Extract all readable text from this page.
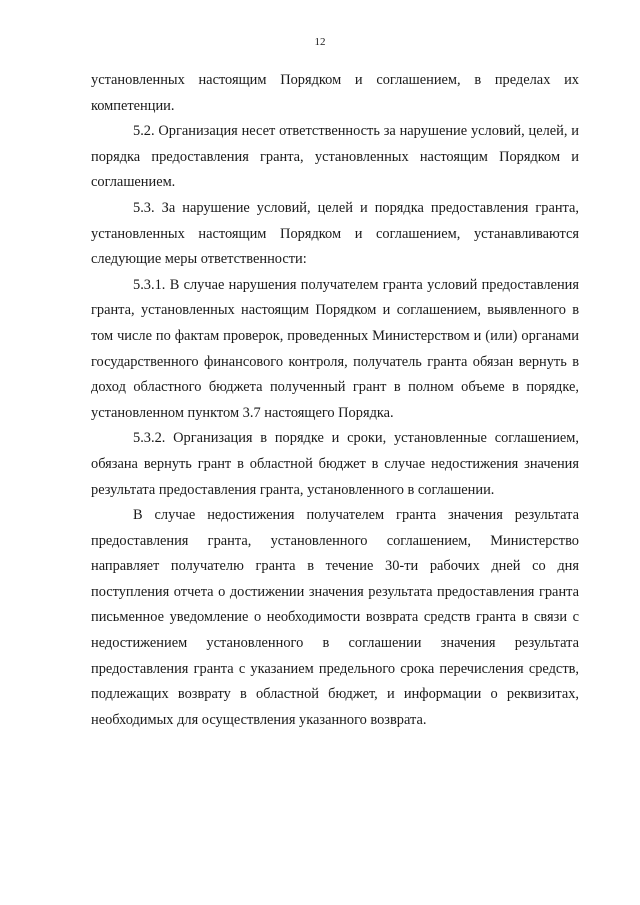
12

установленных настоящим Порядком и соглашением, в пределах их компетенции.

5.2. Организация несет ответственность за нарушение условий, целей, и порядка предоставления гранта, установленных настоящим Порядком и соглашением.

5.3. За нарушение условий, целей и порядка предоставления гранта, установленных настоящим Порядком и соглашением, устанавливаются следующие меры ответственности:

5.3.1. В случае нарушения получателем гранта условий предоставления гранта, установленных настоящим Порядком и соглашением, выявленного в том числе по фактам проверок, проведенных Министерством и (или) органами государственного финансового контроля, получатель гранта обязан вернуть в доход областного бюджета полученный грант в полном объеме в порядке, установленном пунктом 3.7 настоящего Порядка.

5.3.2. Организация в порядке и сроки, установленные соглашением, обязана вернуть грант в областной бюджет в случае недостижения значения результата предоставления гранта, установленного в соглашении.

В случае недостижения получателем гранта значения результата предоставления гранта, установленного соглашением, Министерство направляет получателю гранта в течение 30-ти рабочих дней со дня поступления отчета о достижении значения результата предоставления гранта письменное уведомление о необходимости возврата средств гранта в связи с недостижением установленного в соглашении значения результата предоставления гранта с указанием предельного срока перечисления средств, подлежащих возврату в областной бюджет, и информации о реквизитах, необходимых для осуществления указанного возврата.
